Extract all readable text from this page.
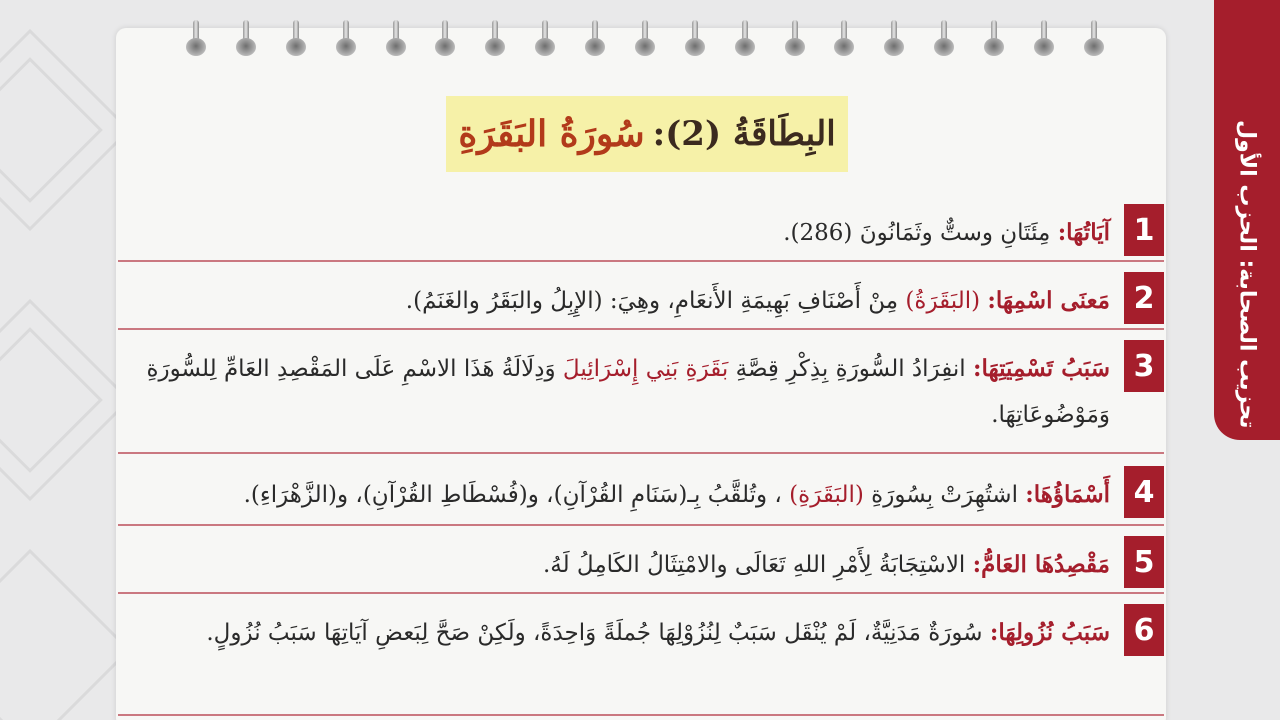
تحزيب الصحابة: الحزب الأول
البِطَاقَةُ (2):
سُورَةُ البَقَرَةِ
1
آيَاتُهَا: مِئَتَانِ وستٌّ وثَمَانُونَ (286).
2
مَعنَى اسْمِهَا: (البَقَرَةُ) مِنْ أَصْنَافِ بَهِيمَةِ الأَنعَامِ، وهِيَ: (الإِبِلُ والبَقَرُ والغَنَمُ).
3
سَبَبُ تَسْمِيَتِهَا: انفِرَادُ السُّورَةِ بِذِكْرِ قِصَّةِ بَقَرَةِ بَنِي إِسْرَائِيلَ وَدِلَالَةُ هَذَا الاسْمِ عَلَى المَقْصِدِ العَامِّ لِلسُّورَةِ وَمَوْضُوعَاتِهَا.
4
أَسْمَاؤُهَا: اشتُهِرَتْ بِسُورَةِ (البَقَرَةِ) ، وتُلقَّبُ بِـ(سَنَامِ القُرْآنِ)، و(فُسْطَاطِ القُرْآنِ)، و(الزَّهْرَاءِ).
5
مَقْصِدُهَا العَامُّ: الاسْتِجَابَةُ لِأَمْرِ اللهِ تَعَالَى والامْتِثَالُ الكَامِلُ لَهُ.
6
سَبَبُ نُزُولِهَا: سُورَةٌ مَدَنِيَّةٌ، لَمْ يُنْقَل سَبَبٌ لِنُزُوْلِهَا جُملَةً وَاحِدَةً، ولَكِنْ صَحَّ لِبَعضِ آيَاتِهَا سَبَبُ نُزُولٍ.
